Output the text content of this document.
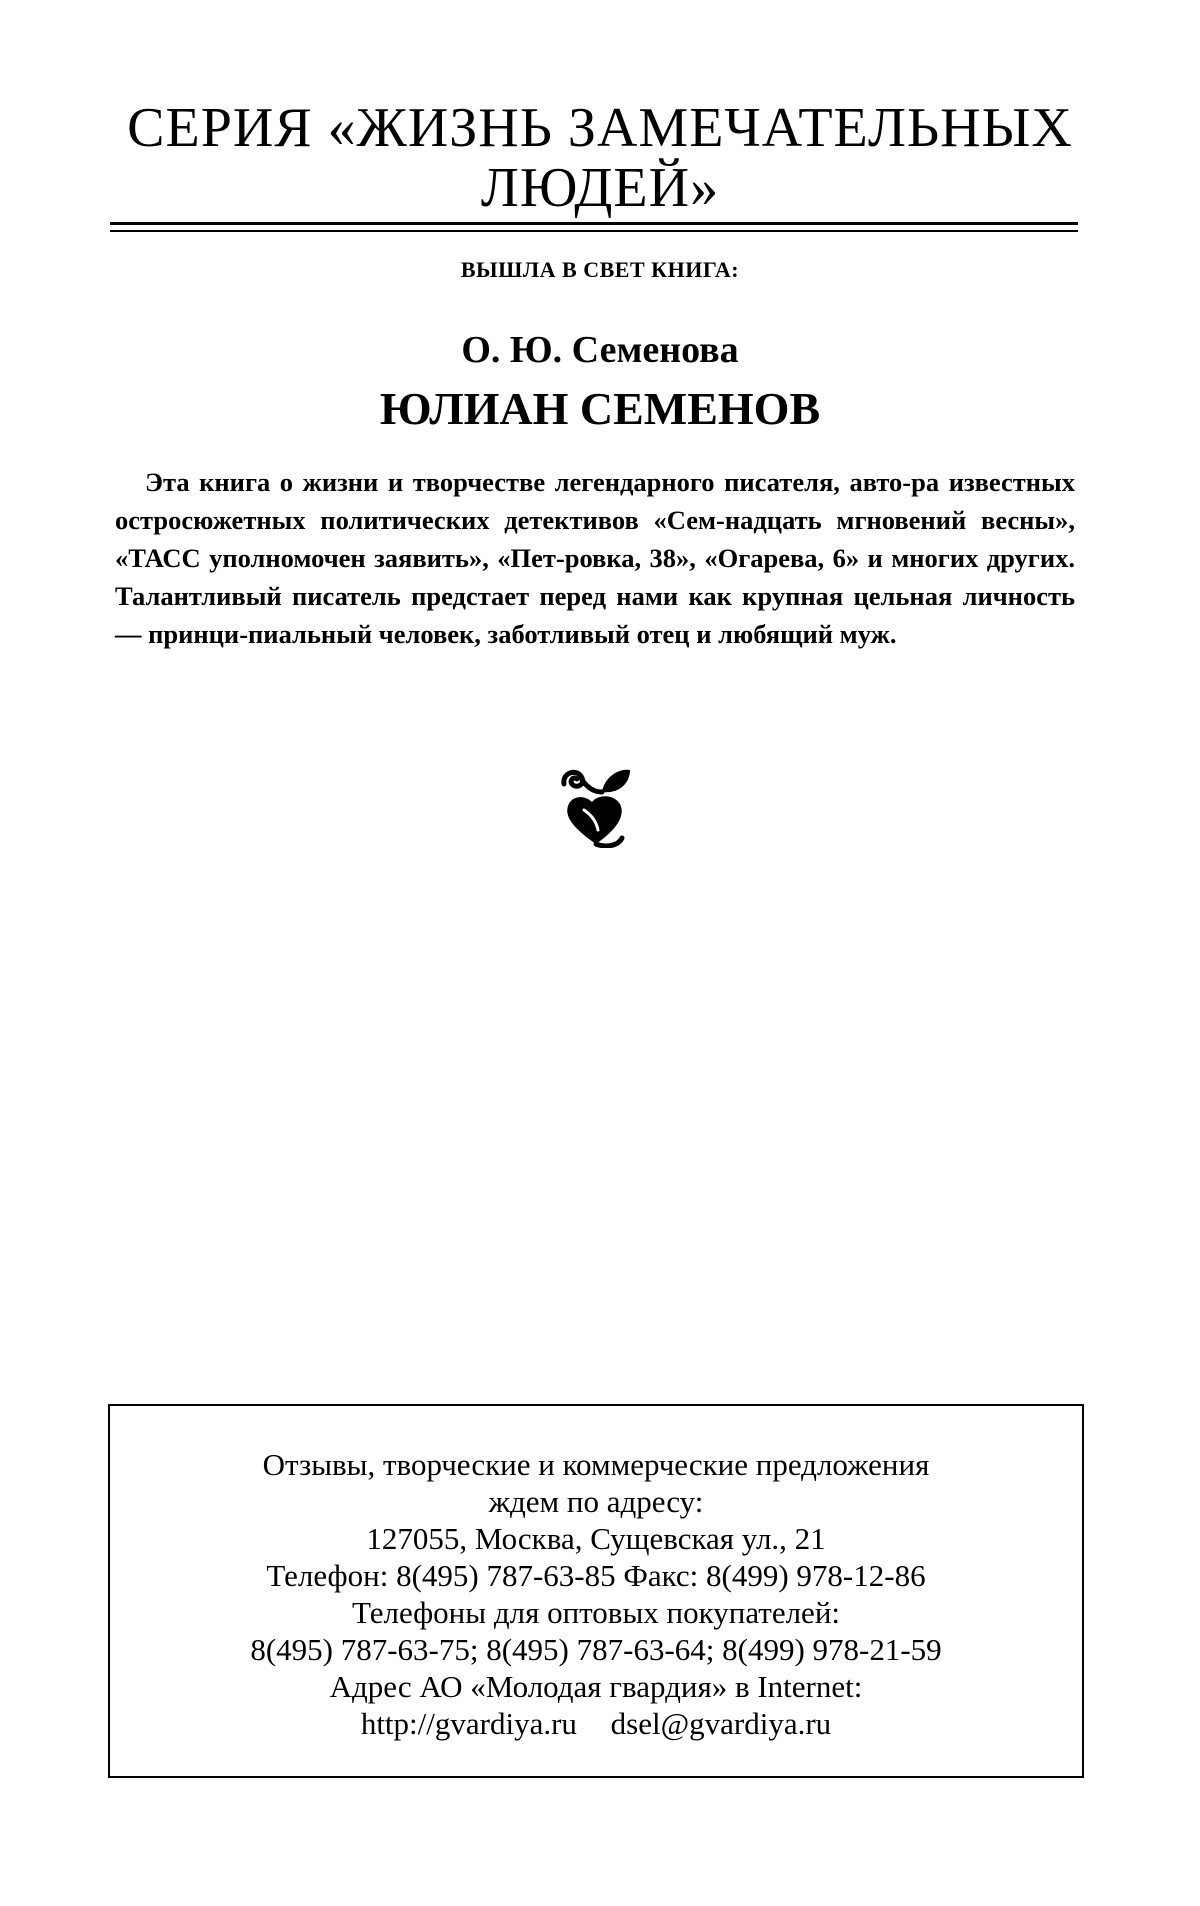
СЕРИЯ «ЖИЗНЬ ЗАМЕЧАТЕЛЬНЫХ ЛЮДЕЙ»
ВЫШЛА В СВЕТ КНИГА:
О. Ю. Семенова
ЮЛИАН СЕМЕНОВ

Эта книга о жизни и творчестве легендарного писателя, авто-ра известных остросюжетных политических детективов «Сем-надцать мгновений весны», «ТАСС уполномочен заявить», «Пет-ровка, 38», «Огарева, 6» и многих других. Талантливый писатель предстает перед нами как крупная цельная личность — принци-пиальный человек, заботливый отец и любящий муж.

Отзывы, творческие и коммерческие предложения
ждем по адресу:
127055, Москва, Сущевская ул., 21
Телефон: 8(495) 787-63-85 Факс: 8(499) 978-12-86
Телефоны для оптовых покупателей:
8(495) 787-63-75; 8(495) 787-63-64; 8(499) 978-21-59
Адрес АО «Молодая гвардия» в Internet:
http://gvardiya.ru dsel@gvardiya.ru
